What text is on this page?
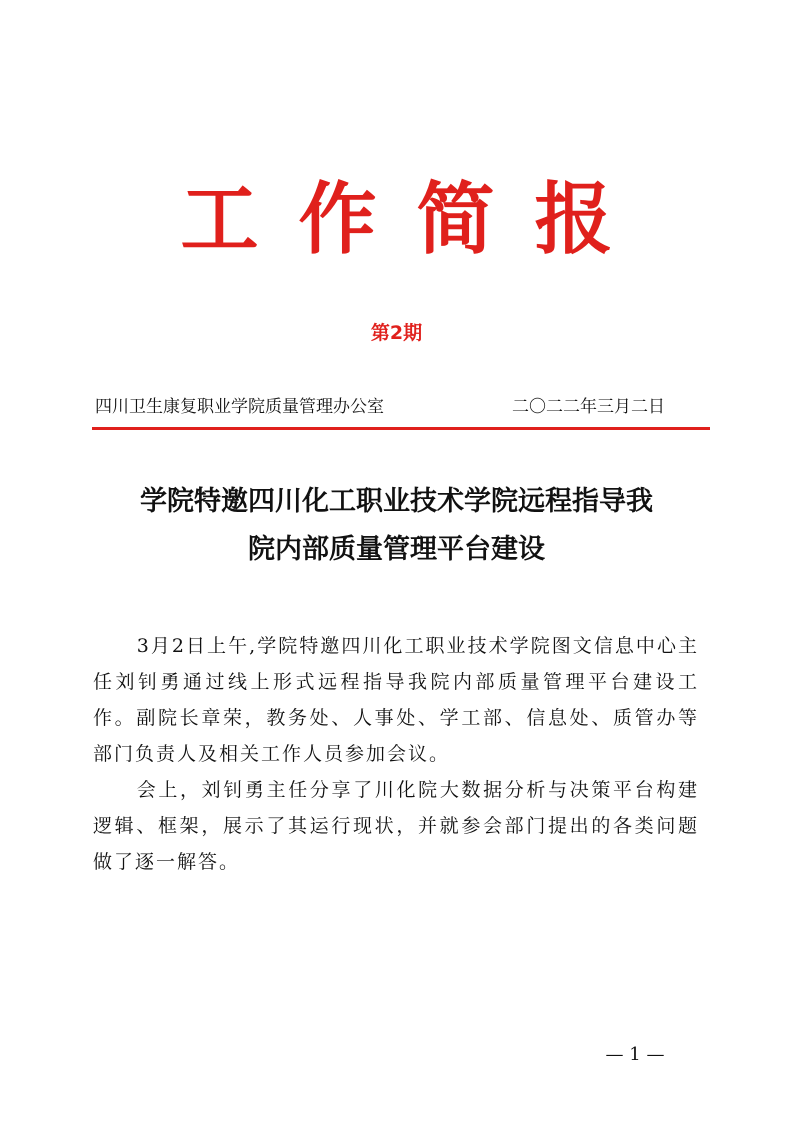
工作简报
第2期
四川卫生康复职业学院质量管理办公室	二〇二二年三月二日
学院特邀四川化工职业技术学院远程指导我
院内部质量管理平台建设

3月2日上午,学院特邀四川化工职业技术学院图文信息中心主任刘钊勇通过线上形式远程指导我院内部质量管理平台建设工作。副院长章荣，教务处、人事处、学工部、信息处、质管办等部门负责人及相关工作人员参加会议。

会上，刘钊勇主任分享了川化院大数据分析与决策平台构建逻辑、框架，展示了其运行现状，并就参会部门提出的各类问题做了逐一解答。

— 1 —
